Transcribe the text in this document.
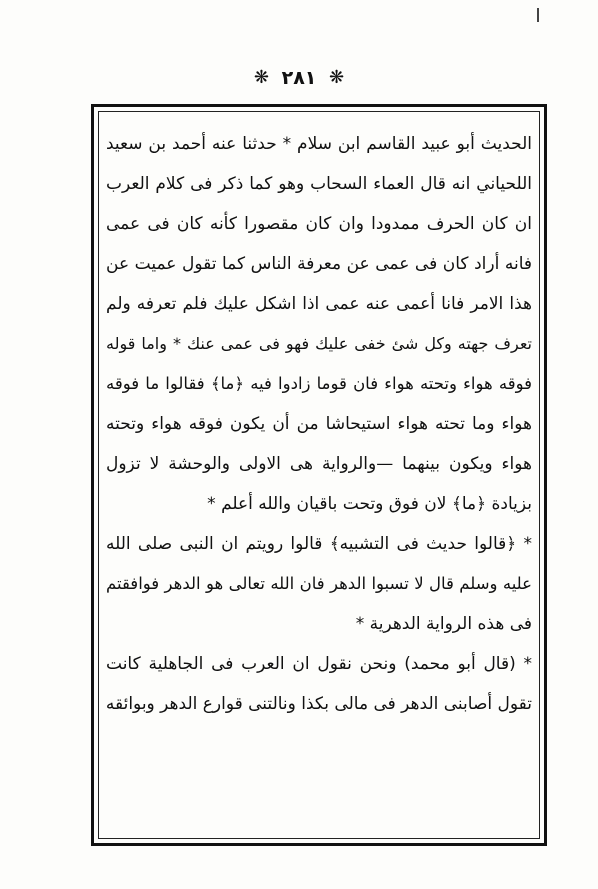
❋ ٢٨١ ❋
الحديث أبو عبيد القاسم ابن سلام * حدثنا عنه أحمد بن سعيد
اللحياني انه قال العماء السحاب وهو كما ذكر فى كلام العرب
ان كان الحرف ممدودا وان كان مقصورا كأنه كان فى عمى
فانه أراد كان فى عمى عن معرفة الناس كما تقول عميت عن
هذا الامر فانا أعمى عنه عمى اذا اشكل عليك فلم تعرفه ولم
تعرف جهته وكل شئ خفى عليك فهو فى عمى عنك * واما قوله
فوقه هواء وتحته هواء فان قوما زادوا فيه ﴿ما﴾ فقالوا ما فوقه
هواء وما تحته هواء استيحاشا من أن يكون فوقه هواء وتحته
هواء ويكون بينهما —والرواية هى الاولى والوحشة لا تزول
بزيادة ﴿ما﴾ لان فوق وتحت باقيان والله أعلم *
* ﴿قالوا حديث فى التشبيه﴾ قالوا رويتم ان النبى صلى الله
عليه وسلم قال لا تسبوا الدهر فان الله تعالى هو الدهر فوافقتم
فى هذه الرواية الدهرية *
* (قال أبو محمد) ونحن نقول ان العرب فى الجاهلية كانت
تقول أصابنى الدهر فى مالى بكذا ونالتنى قوارع الدهر وبوائقه
